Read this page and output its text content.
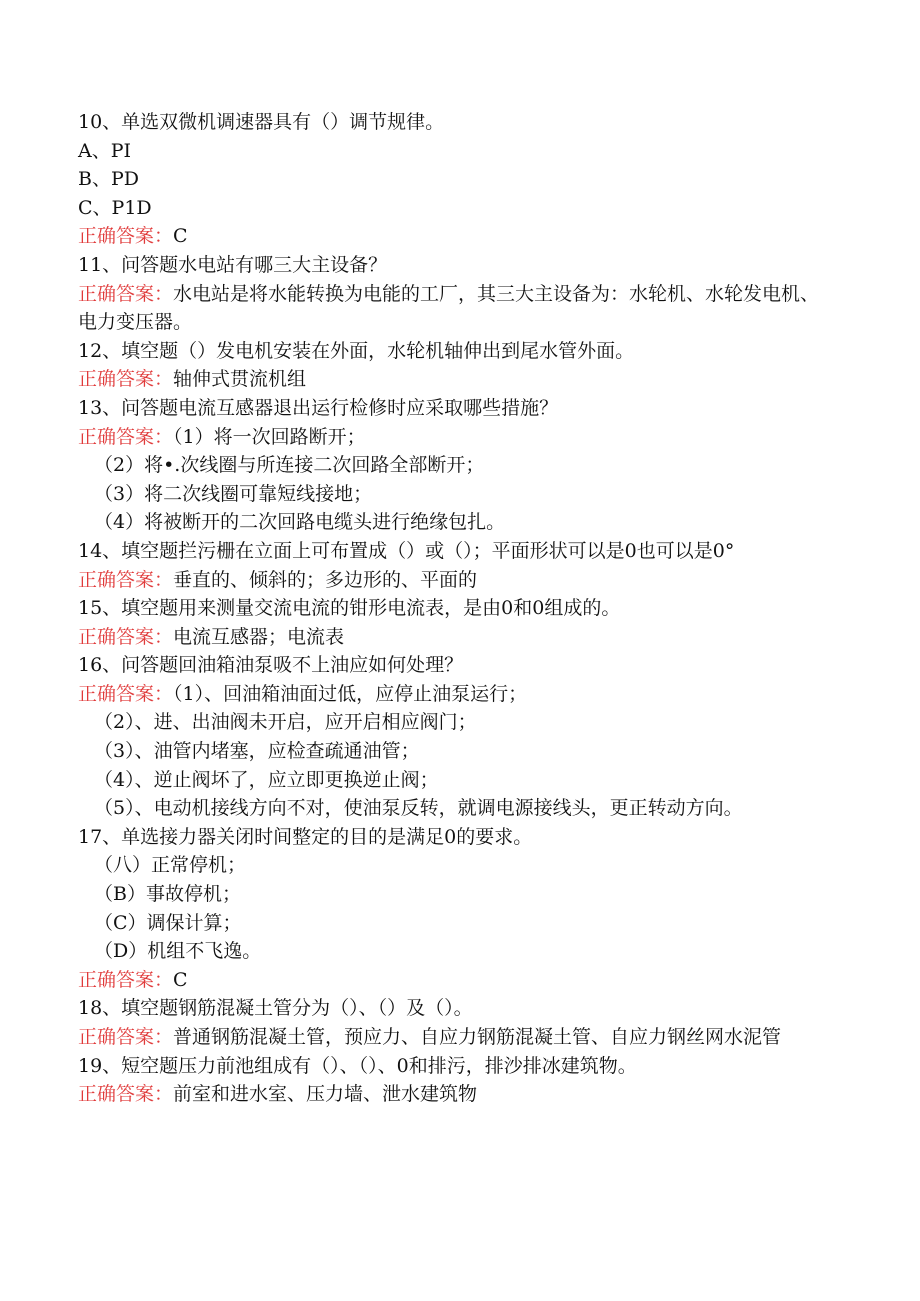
10、单选双微机调速器具有（）调节规律。
A、PI
B、PD
C、P1D
正确答案：C
11、问答题水电站有哪三大主设备？
正确答案：水电站是将水能转换为电能的工厂，其三大主设备为：水轮机、水轮发电机、电力变压器。
12、填空题（）发电机安装在外面，水轮机轴伸出到尾水管外面。
正确答案：轴伸式贯流机组
13、问答题电流互感器退出运行检修时应采取哪些措施？
正确答案：（1）将一次回路断开；
（2）将•.次线圈与所连接二次回路全部断开；
（3）将二次线圈可靠短线接地；
（4）将被断开的二次回路电缆头进行绝缘包扎。
14、填空题拦污栅在立面上可布置成（）或（）；平面形状可以是0也可以是0°
正确答案：垂直的、倾斜的；多边形的、平面的
15、填空题用来测量交流电流的钳形电流表，是由0和0组成的。
正确答案：电流互感器；电流表
16、问答题回油箱油泵吸不上油应如何处理？
正确答案：（1）、回油箱油面过低，应停止油泵运行；
（2）、进、出油阀未开启，应开启相应阀门；
（3）、油管内堵塞，应检查疏通油管；
（4）、逆止阀坏了，应立即更换逆止阀；
（5）、电动机接线方向不对，使油泵反转，就调电源接线头，更正转动方向。
17、单选接力器关闭时间整定的目的是满足0的要求。
（八）正常停机；
（B）事故停机；
（C）调保计算；
（D）机组不飞逸。
正确答案：C
18、填空题钢筋混凝土管分为（）、（）及（）。
正确答案：普通钢筋混凝土管，预应力、自应力钢筋混凝土管、自应力钢丝网水泥管
19、短空题压力前池组成有（）、（）、0和排污，排沙排冰建筑物。
正确答案：前室和进水室、压力墙、泄水建筑物
